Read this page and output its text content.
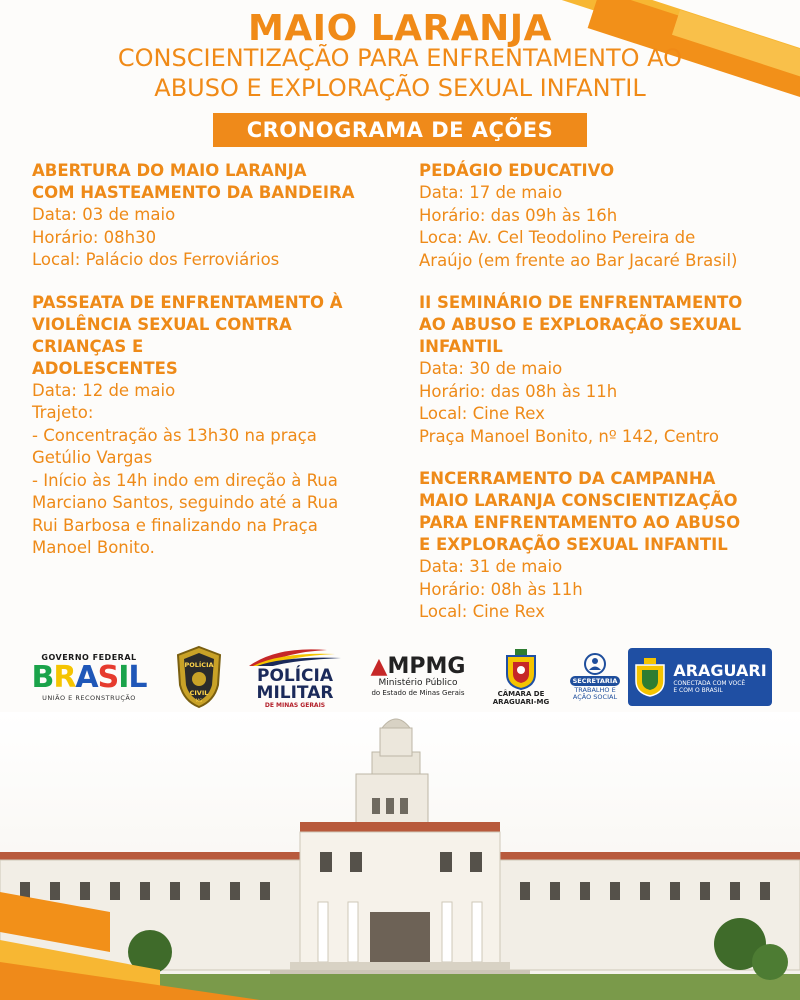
MAIO LARANJA
CONSCIENTIZAÇÃO PARA ENFRENTAMENTO AO
ABUSO E EXPLORAÇÃO SEXUAL INFANTIL
CRONOGRAMA DE AÇÕES
ABERTURA DO MAIO LARANJA
COM HASTEAMENTO DA BANDEIRA
Data: 03 de maio
Horário: 08h30
Local: Palácio dos Ferroviários
PASSEATA DE ENFRENTAMENTO À
VIOLÊNCIA SEXUAL CONTRA
CRIANÇAS E
ADOLESCENTES
Data: 12 de maio
Trajeto:
- Concentração às 13h30 na praça
Getúlio Vargas
- Início às 14h indo em direção à Rua
Marciano Santos, seguindo até a Rua
Rui Barbosa e finalizando na Praça
Manoel Bonito.
PEDÁGIO EDUCATIVO
Data: 17 de maio
Horário: das 09h às 16h
Loca: Av. Cel Teodolino Pereira de
Araújo (em frente ao Bar Jacaré Brasil)
II SEMINÁRIO DE ENFRENTAMENTO
AO ABUSO E EXPLORAÇÃO SEXUAL
INFANTIL
Data: 30 de maio
Horário: das 08h às 11h
Local: Cine Rex
Praça Manoel Bonito, nº 142, Centro
ENCERRAMENTO DA CAMPANHA
MAIO LARANJA CONSCIENTIZAÇÃO
PARA ENFRENTAMENTO AO ABUSO
E EXPLORAÇÃO SEXUAL INFANTIL
Data: 31 de maio
Horário: 08h às 11h
Local: Cine Rex
GOVERNO FEDERAL
BRASIL
UNIÃO E RECONSTRUÇÃO
POLÍCIA
CIVIL
MG
POLÍCIA
MILITAR
DE MINAS GERAIS
▲MPMG
Ministério Público
do Estado de Minas Gerais	CÂMARA DE
ARAGUARI-MG
SECRETARIA
TRABALHO E
AÇÃO SOCIAL
ARAGUARI
CONECTADA COM VOCÊ
E COM O BRASIL
